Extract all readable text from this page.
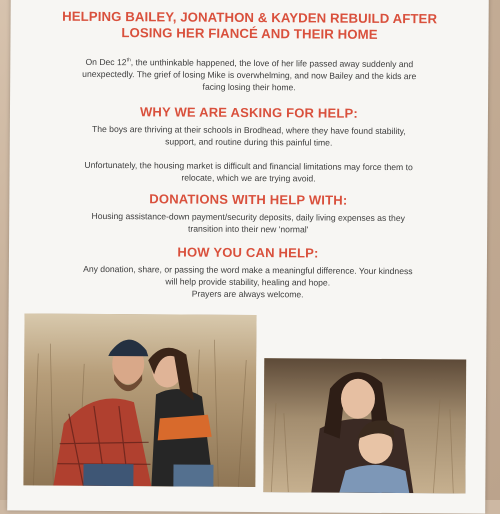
HELPING BAILEY, JONATHON & KAYDEN REBUILD AFTER
LOSING HER FIANCÉ AND THEIR HOME
On Dec 12th, the unthinkable happened, the love of her life passed away suddenly and
unexpectedly. The grief of losing Mike is overwhelming, and now Bailey and the kids are
facing losing their home.
WHY WE ARE ASKING FOR HELP:
The boys are thriving at their schools in Brodhead, where they have found stability,
support, and routine during this painful time.
Unfortunately, the housing market is difficult and financial limitations may force them to
relocate, which we are trying avoid.
DONATIONS WITH HELP WITH:
Housing assistance-down payment/security deposits, daily living expenses as they
transition into their new 'normal'
HOW YOU CAN HELP:
Any donation, share, or passing the word make a meaningful difference. Your kindness
will help provide stability, healing and hope.
Prayers are always welcome.
